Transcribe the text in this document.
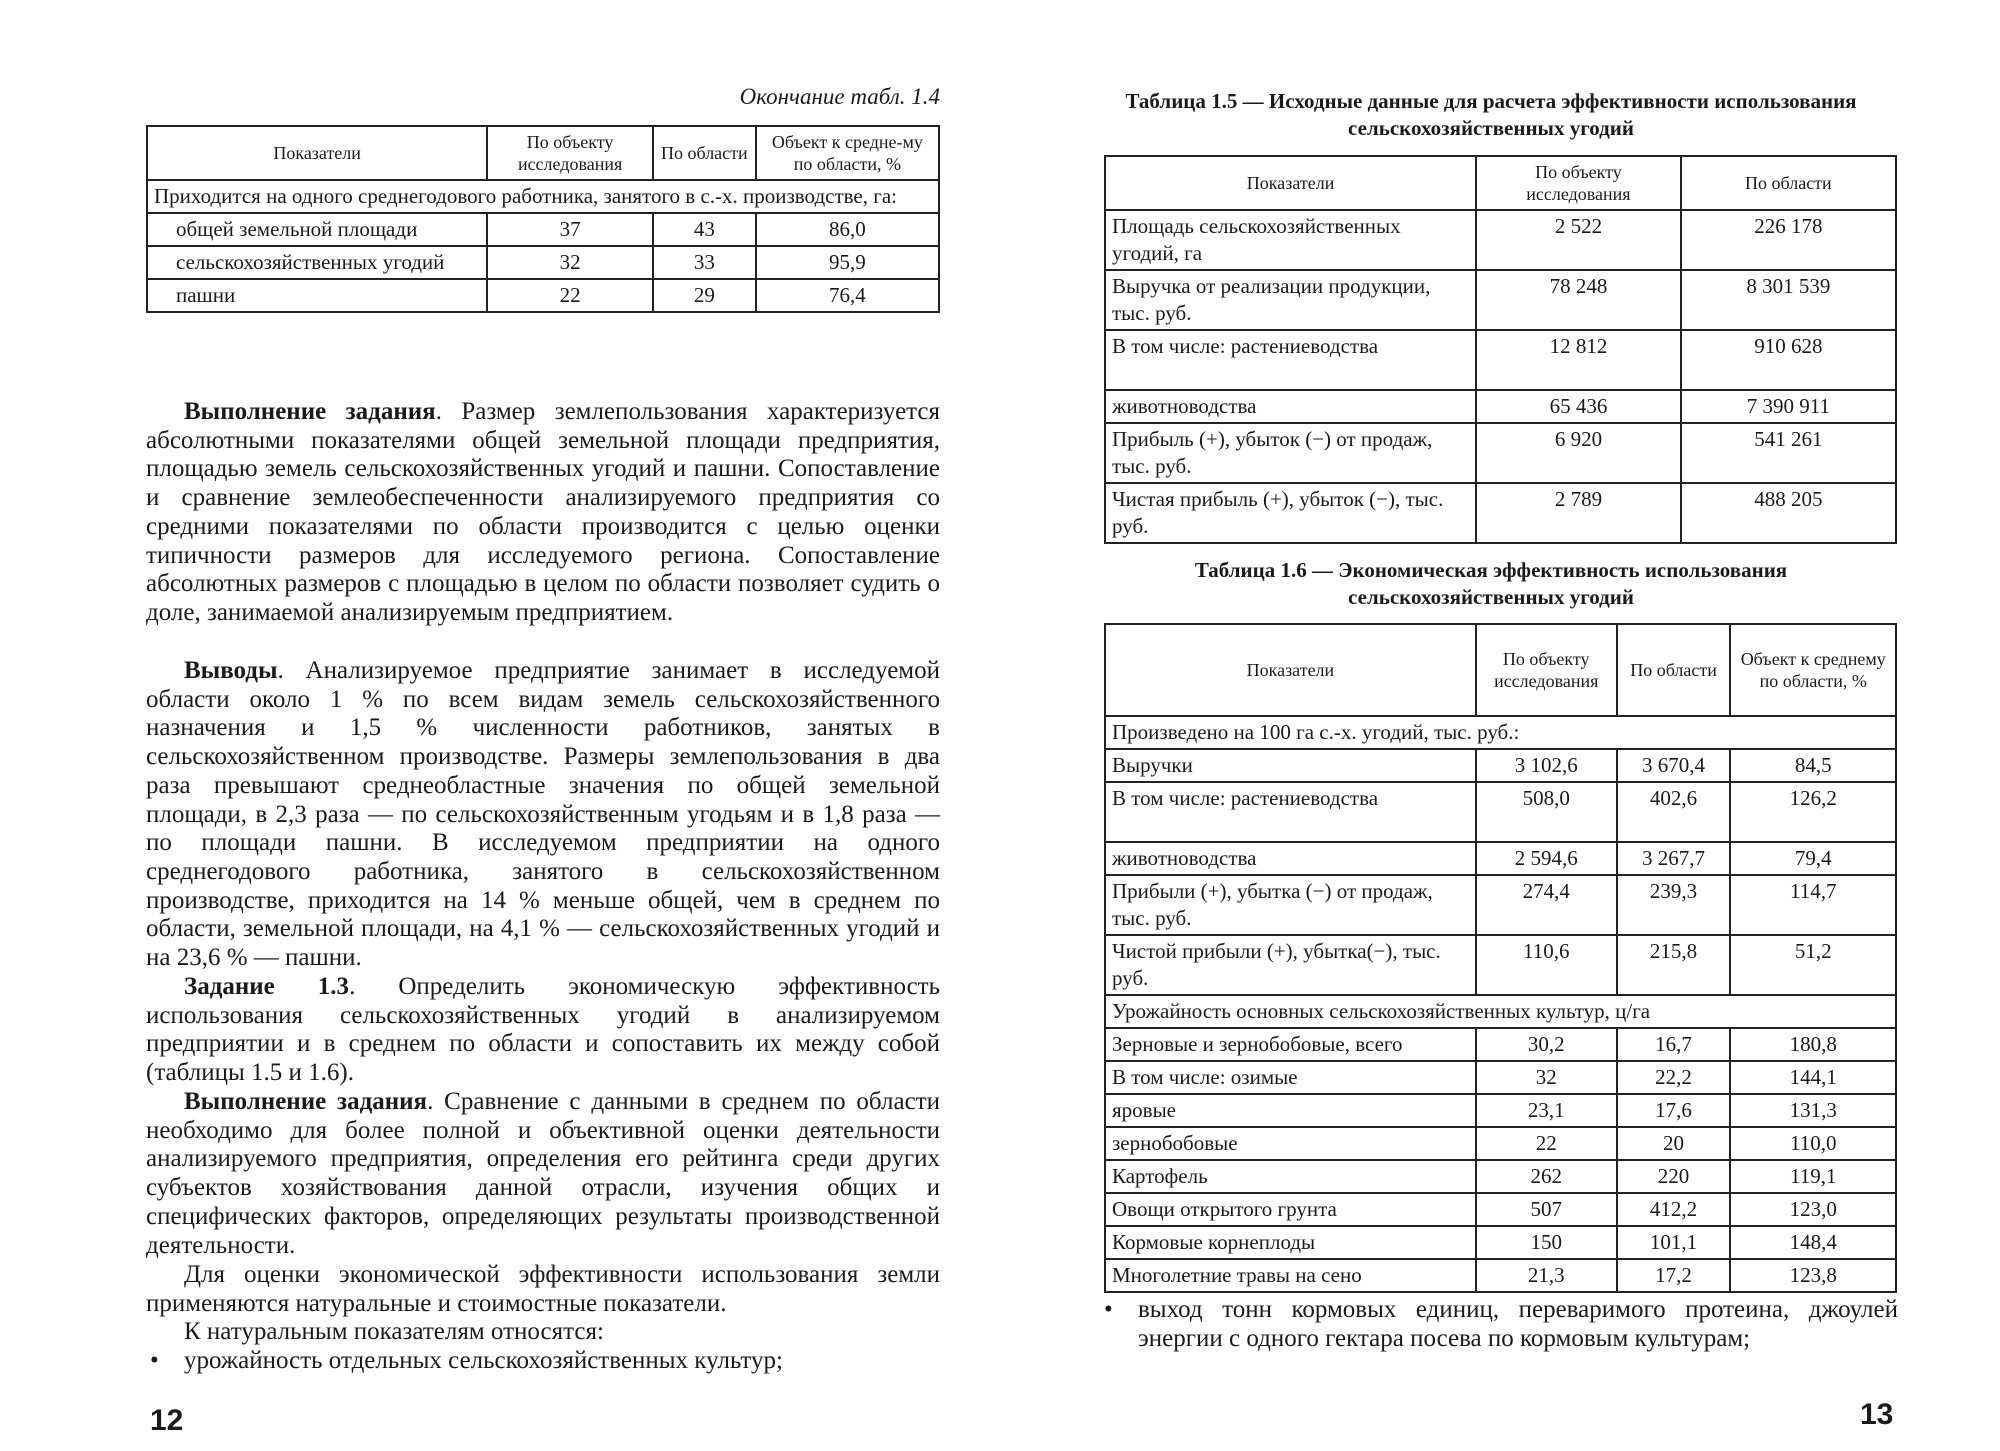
Окончание табл. 1.4
Показатели	По объекту исследования	По области	Объект к средне-му по области, %
Приходится на одного среднегодового работника, занятого в с.-х. производстве, га:			
общей земельной площади	37	43	86,0
сельскохозяйственных угодий	32	33	95,9
пашни	22	29	76,4

Выполнение задания. Размер землепользования характеризуется абсолютными показателями общей земельной площади предприятия, площадью земель сельскохозяйственных угодий и пашни. Сопоставление и сравнение землеобеспеченности анализируемого предприятия со средними показателями по области производится с целью оценки типичности размеров для исследуемого региона. Сопоставление абсолютных размеров с площадью в целом по области позволяет судить о доле, занимаемой анализируемым предприятием.

Выводы. Анализируемое предприятие занимает в исследуемой области около 1 % по всем видам земель сельскохозяйственного назначения и 1,5 % численности работников, занятых в сельскохозяйственном производстве. Размеры землепользования в два раза превышают среднеобластные значения по общей земельной площади, в 2,3 раза — по сельскохозяйственным угодьям и в 1,8 раза — по площади пашни. В исследуемом предприятии на одного среднегодового работника, занятого в сельскохозяйственном производстве, приходится на 14 % меньше общей, чем в среднем по области, земельной площади, на 4,1 % — сельскохозяйственных угодий и на 23,6 % — пашни.

Задание 1.3. Определить экономическую эффективность использования сельскохозяйственных угодий в анализируемом предприятии и в среднем по области и сопоставить их между собой (таблицы 1.5 и 1.6).

Выполнение задания. Сравнение с данными в среднем по области необходимо для более полной и объективной оценки деятельности анализируемого предприятия, определения его рейтинга среди других субъектов хозяйствования данной отрасли, изучения общих и специфических факторов, определяющих результаты производственной деятельности.

Для оценки экономической эффективности использования земли применяются натуральные и стоимостные показатели.

К натуральным показателям относятся:

• урожайность отдельных сельскохозяйственных культур;
12
Таблица 1.5 — Исходные данные для расчета эффективности использования сельскохозяйственных угодий
Показатели	По объекту исследования	По области
Площадь сельскохозяйственных угодий, га	2 522	226 178
Выручка от реализации продукции, тыс. руб.	78 248	8 301 539
В том числе: растениеводства	12 812	910 628
животноводства	65 436	7 390 911
Прибыль (+), убыток (−) от продаж, тыс. руб.	6 920	541 261
Чистая прибыль (+), убыток (−), тыс. руб.	2 789	488 205
Таблица 1.6 — Экономическая эффективность использования сельскохозяйственных угодий
Показатели	По объекту исследования	По области	Объект к среднему по области, %
Произведено на 100 га с.-х. угодий, тыс. руб.:			
Выручки	3 102,6	3 670,4	84,5
В том числе: растениеводства	508,0	402,6	126,2
животноводства	2 594,6	3 267,7	79,4
Прибыли (+), убытка (−) от продаж, тыс. руб.	274,4	239,3	114,7
Чистой прибыли (+), убытка(−), тыс. руб.	110,6	215,8	51,2
Урожайность основных сельскохозяйственных культур, ц/га			
Зерновые и зернобобовые, всего	30,2	16,7	180,8
В том числе: озимые	32	22,2	144,1
яровые	23,1	17,6	131,3
зернобобовые	22	20	110,0
Картофель	262	220	119,1
Овощи открытого грунта	507	412,2	123,0
Кормовые корнеплоды	150	101,1	148,4
Многолетние травы на сено	21,3	17,2	123,8
• выход тонн кормовых единиц, переваримого протеина, джоулей энергии с одного гектара посева по кормовым культурам;
13
